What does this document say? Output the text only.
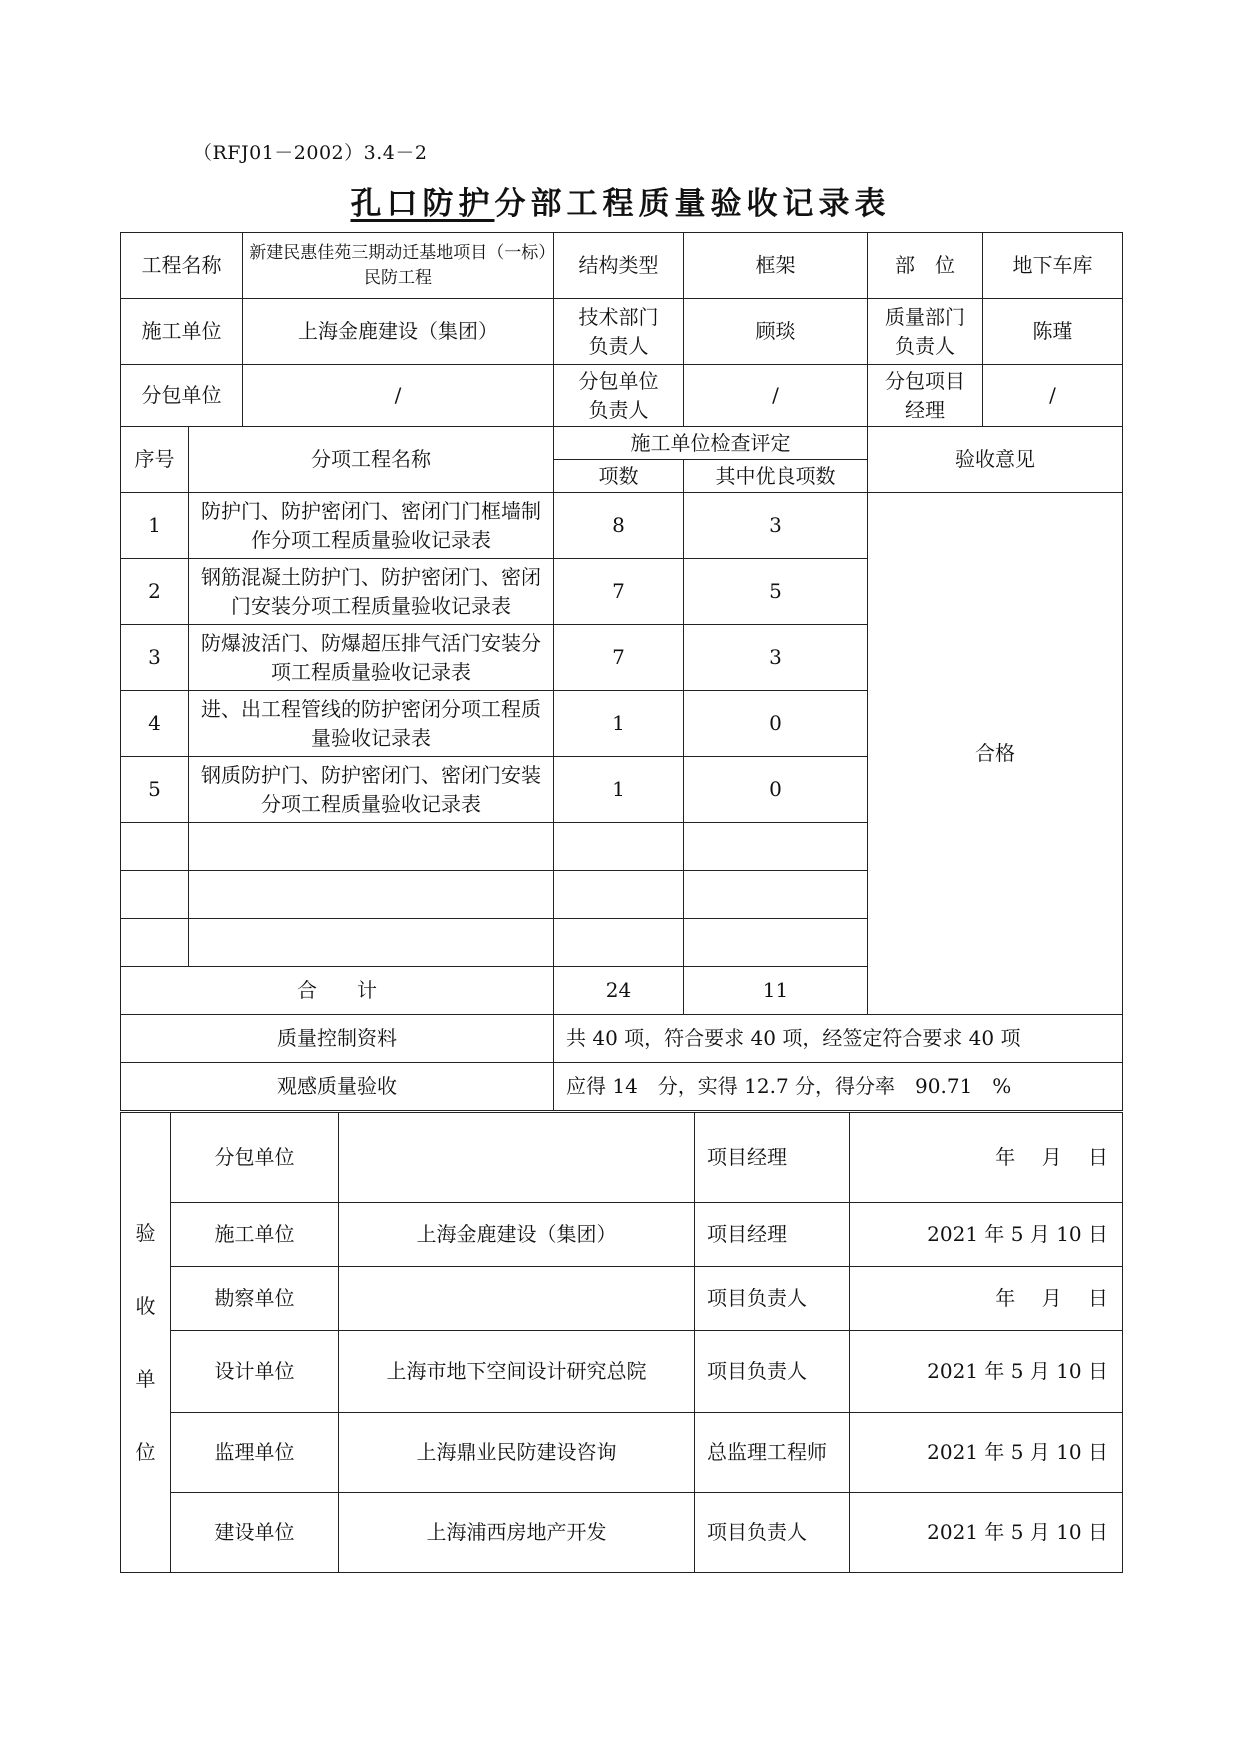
（RFJ01－2002）3.4－2
孔口防护分部工程质量验收记录表
工程名称		新建民惠佳苑三期动迁基地项目（一标）民防工程	结构类型	框架	部　位	地下车库
施工单位		上海金鹿建设（集团）	技术部门负责人	顾琰	质量部门负责人	陈瑾
分包单位		/	分包单位负责人	/	分包项目经理	/
序号	分项工程名称		施工单位检查评定		验收意见	
			项数	其中优良项数		
1	防护门、防护密闭门、密闭门门框墙制作分项工程质量验收记录表		8	3	合格	
2	钢筋混凝土防护门、防护密闭门、密闭门安装分项工程质量验收记录表		7	5		
3	防爆波活门、防爆超压排气活门安装分项工程质量验收记录表		7	3		
4	进、出工程管线的防护密闭分项工程质量验收记录表		1	0		
5	钢质防护门、防护密闭门、密闭门安装分项工程质量验收记录表		1	0		

合　　计			24	11		
质量控制资料			共 40 项，符合要求 40 项，经签定符合要求 40 项			
观感质量验收			应得 14　分，实得 12.7 分，得分率　90.71　%			
验
收
单
位	分包单位		项目经理	年　 月　 日
	施工单位	上海金鹿建设（集团）	项目经理	2021 年 5 月 10 日
	勘察单位		项目负责人	年　 月　 日
	设计单位	上海市地下空间设计研究总院	项目负责人	2021 年 5 月 10 日
	监理单位	上海鼎业民防建设咨询	总监理工程师	2021 年 5 月 10 日
	建设单位	上海浦西房地产开发	项目负责人	2021 年 5 月 10 日
